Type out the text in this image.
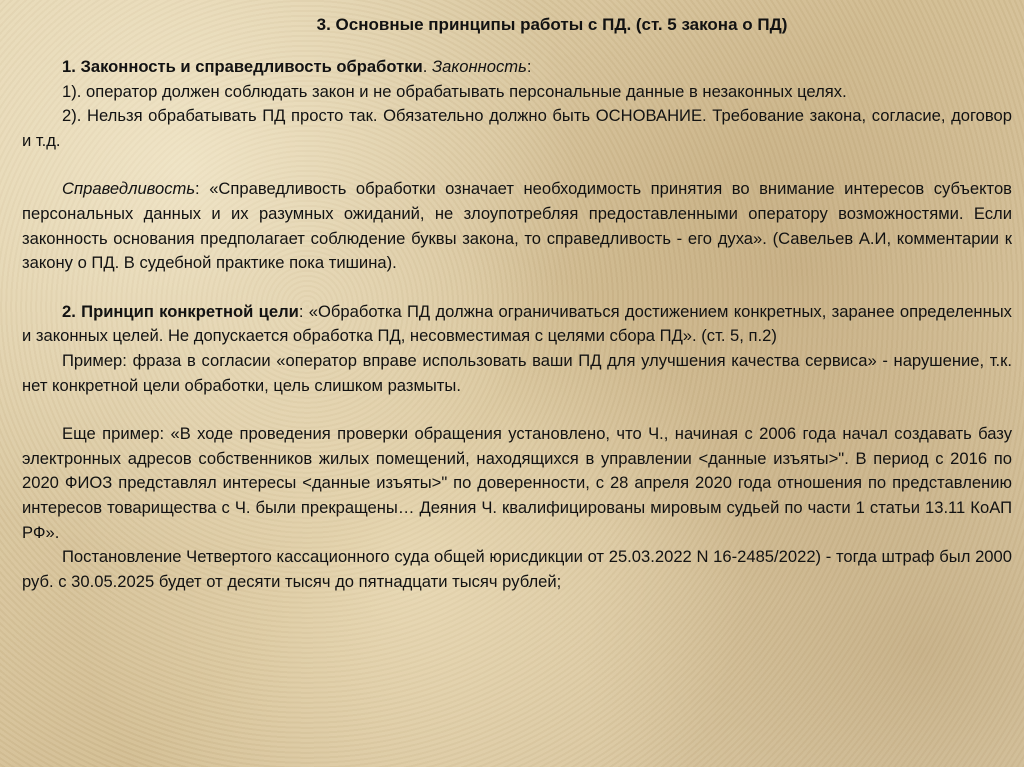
3. Основные принципы работы с ПД. (ст. 5 закона о ПД)

1. Законность и справедливость обработки. Законность:

1). оператор должен соблюдать закон и не обрабатывать персональные данные в незаконных целях.

2). Нельзя обрабатывать ПД просто так. Обязательно должно быть ОСНОВАНИЕ. Требование закона, согласие, договор и т.д.

Справедливость: «Справедливость обработки означает необходимость принятия во внимание интересов субъектов персональных данных и их разумных ожиданий, не злоупотребляя предоставленными оператору возможностями. Если законность основания предполагает соблюдение буквы закона, то справедливость - его духа». (Савельев А.И, комментарии к закону о ПД. В судебной практике пока тишина).

2. Принцип конкретной цели: «Обработка ПД должна ограничиваться достижением конкретных, заранее определенных и законных целей. Не допускается обработка ПД, несовместимая с целями сбора ПД». (ст. 5, п.2)

Пример: фраза в согласии «оператор вправе использовать ваши ПД для улучшения качества сервиса» - нарушение, т.к. нет конкретной цели обработки, цель слишком размыты.

Еще пример: «В ходе проведения проверки обращения установлено, что Ч., начиная с 2006 года начал создавать базу электронных адресов собственников жилых помещений, находящихся в управлении <данные изъяты>". В период с 2016 по 2020 ФИОЗ представлял интересы <данные изъяты>" по доверенности, с 28 апреля 2020 года отношения по представлению интересов товарищества с Ч. были прекращены… Деяния Ч. квалифицированы мировым судьей по части 1 статьи 13.11 КоАП РФ».

Постановление Четвертого кассационного суда общей юрисдикции от 25.03.2022 N 16-2485/2022) - тогда штраф был 2000 руб. с 30.05.2025 будет от десяти тысяч до пятнадцати тысяч рублей;
